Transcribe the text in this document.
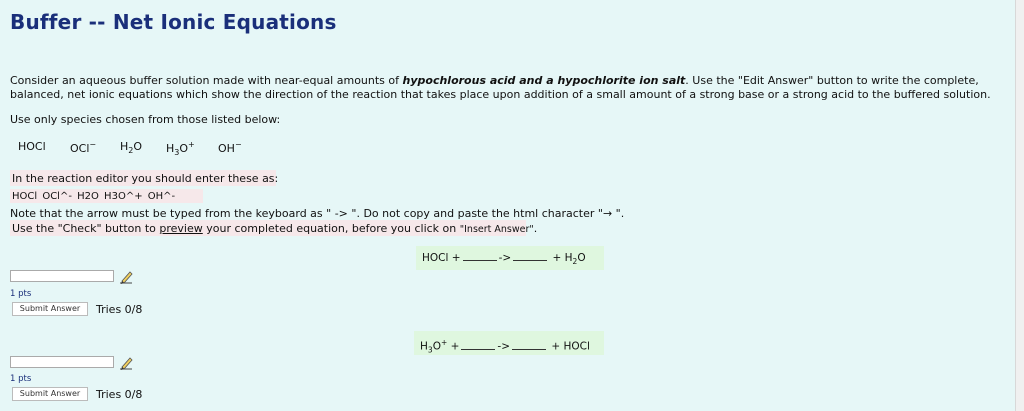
Buffer -- Net Ionic Equations
Consider an aqueous buffer solution made with near-equal amounts of hypochlorous acid and a hypochlorite ion salt. Use the "Edit Answer" button to write the complete, balanced, net ionic equations which show the direction of the reaction that takes place upon addition of a small amount of a strong base or a strong acid to the buffered solution.
Use only species chosen from those listed below:
HOCl	OCl−	$H_2O$	$H_3O^+$	OH−
In the reaction editor you should enter these as:
HOCl OCl^- H2O H3O^+ OH^-
Note that the arrow must be typed from the keyboard as " -> ". Do not copy and paste the html character "→ ".
Use the "Check" button to preview your completed equation, before you click on "Insert Answer".
HOCl +	->	+ $H_2O$
1 pts
Submit Answer	Tries 0/8
$H_3O^+$ +	->	+ HOCl
1 pts
Submit Answer	Tries 0/8
